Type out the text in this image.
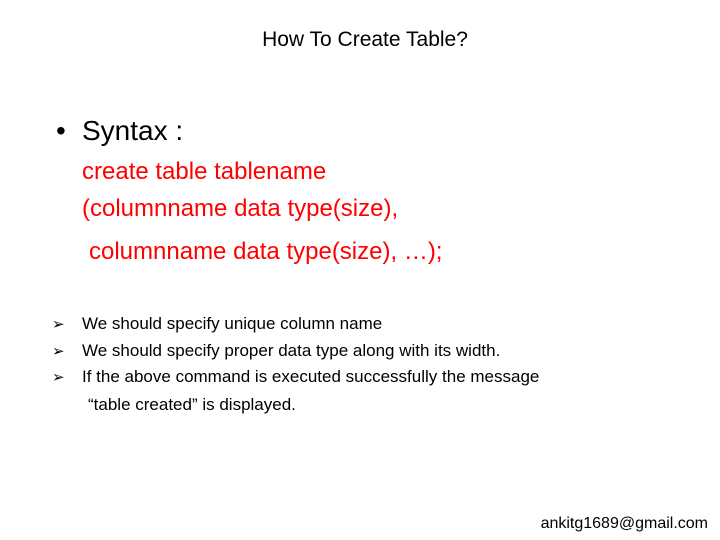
How To Create Table?
• Syntax :
create table tablename
(columnname data type(size),
columnname data type(size), …);
➢ We should specify unique column name
➢ We should specify proper data type along with its width.
➢ If the above command is executed successfully the message
“table created” is displayed.
ankitg1689@gmail.com
